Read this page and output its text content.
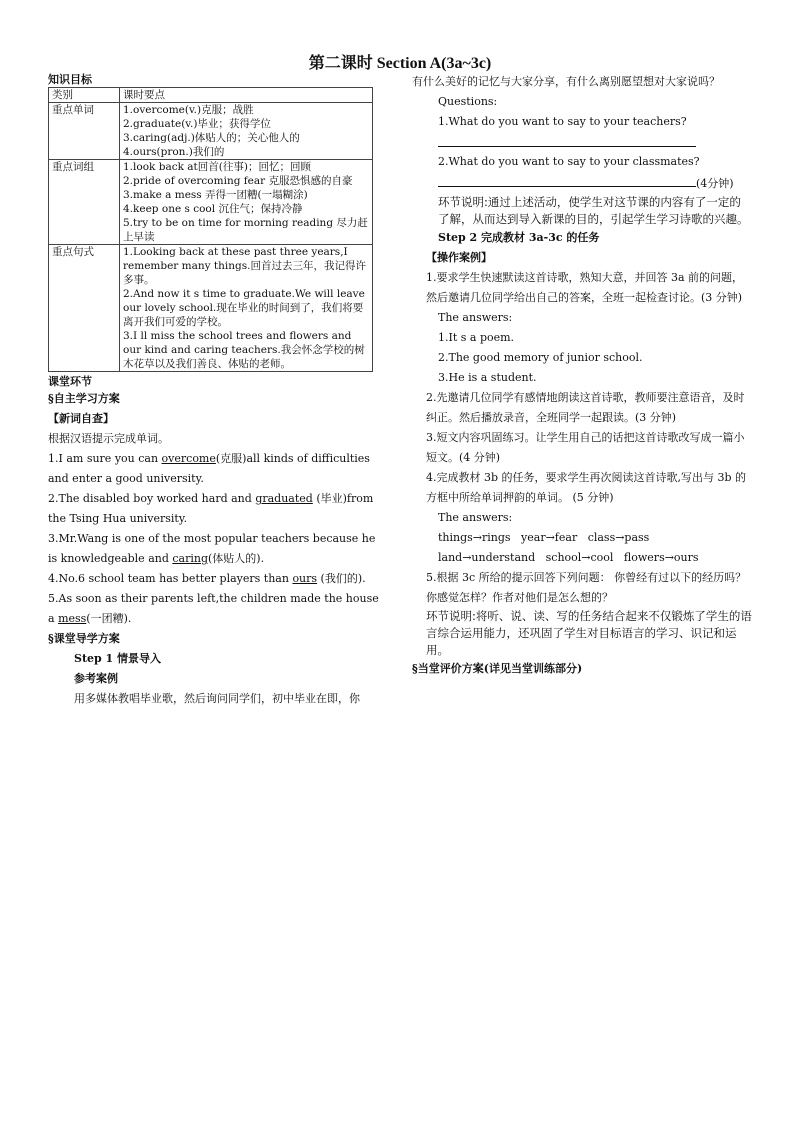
第二课时 Section A(3a~3c)
知识目标
类别	课时要点
重点单词	1.overcome(v.)克服；战胜
2.graduate(v.)毕业；获得学位
3.caring(adj.)体贴人的；关心他人的
4.ours(pron.)我们的

重点词组	1.look back at回首(往事)；回忆；回顾
2.pride of overcoming fear 克服恐惧感的自豪
3.make a mess 弄得一团糟(一塌糊涂)
4.keep one s cool 沉住气；保持冷静
5.try to be on time for morning reading 尽力赶上早读

重点句式	1.Looking back at these past three years,I remember many things.回首过去三年，我记得许多事。
2.And now it s time to graduate.We will leave our lovely school.现在毕业的时间到了，我们将要离开我们可爱的学校。
3.I ll miss the school trees and flowers and our kind and caring teachers.我会怀念学校的树木花草以及我们善良、体贴的老师。
课堂环节
§自主学习方案
【新词自查】
根据汉语提示完成单词。
1.I am sure you can overcome(克服)all kinds of difficulties and enter a good university.
2.The disabled boy worked hard and graduated (毕业)from the Tsing Hua university.
3.Mr.Wang is one of the most popular teachers because he is knowledgeable and caring(体贴人的).
4.No.6 school team has better players than ours (我们的).
5.As soon as their parents left,the children made the house a mess(一团糟).
§课堂导学方案
Step 1 情景导入
参考案例
用多媒体教唱毕业歌，然后询问同学们，初中毕业在即，你
有什么美好的记忆与大家分享，有什么离别愿望想对大家说吗？
Questions:
1.What do you want to say to your teachers?
2.What do you want to say to your classmates?
(4分钟)
环节说明:通过上述活动，使学生对这节课的内容有了一定的了解，从而达到导入新课的目的，引起学生学习诗歌的兴趣。
Step 2 完成教材 3a-3c 的任务
【操作案例】
1.要求学生快速默读这首诗歌，熟知大意，并回答 3a 前的问题，然后邀请几位同学给出自己的答案，全班一起检查讨论。(3 分钟)
The answers:
1.It s a poem.
2.The good memory of junior school.
3.He is a student.
2.先邀请几位同学有感情地朗读这首诗歌，教师要注意语音，及时纠正。然后播放录音，全班同学一起跟读。(3 分钟)
3.短文内容巩固练习。让学生用自己的话把这首诗歌改写成一篇小短文。(4 分钟)
4.完成教材 3b 的任务，要求学生再次阅读这首诗歌,写出与 3b 的方框中所给单词押韵的单词。 (5 分钟)
The answers:
things→rings   year→fear   class→pass
land→understand   school→cool   flowers→ours
5.根据 3c 所给的提示回答下列问题： 你曾经有过以下的经历吗？ 你感觉怎样？作者对他们是怎么想的？
环节说明:将听、说、读、写的任务结合起来不仅锻炼了学生的语言综合运用能力，还巩固了学生对目标语言的学习、识记和运用。
§当堂评价方案(详见当堂训练部分)
